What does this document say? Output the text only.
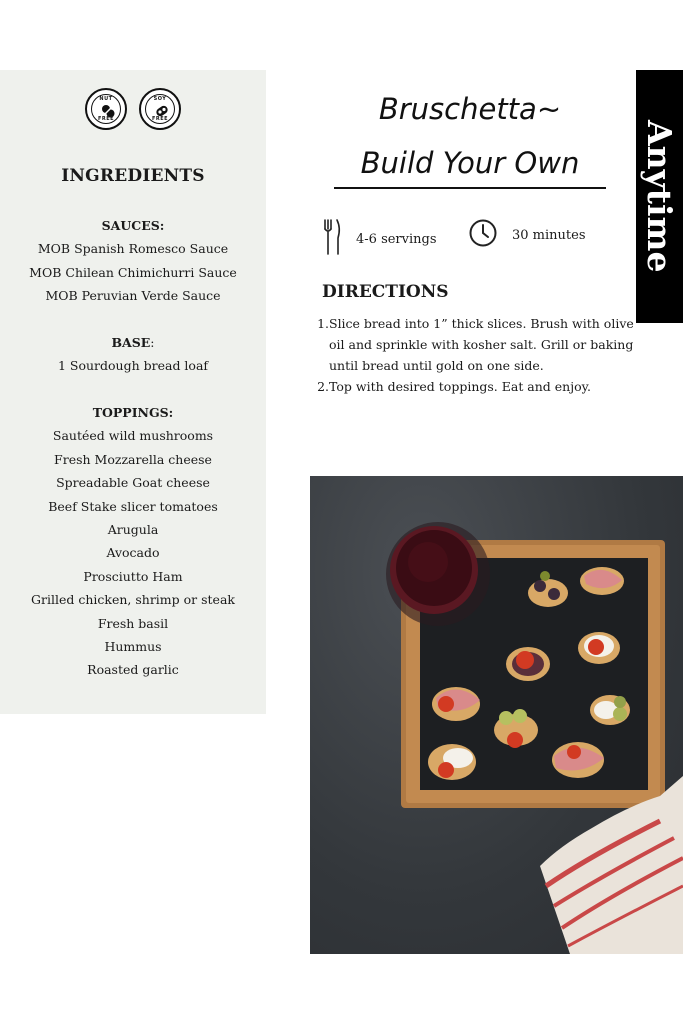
NUT
FREE
SOY
FREE
INGREDIENTS
SAUCES:
MOB Spanish Romesco Sauce
MOB Chilean Chimichurri Sauce
MOB Peruvian Verde Sauce
BASE:
1 Sourdough bread loaf
TOPPINGS:
Sautéed wild mushrooms
Fresh Mozzarella cheese
Spreadable Goat cheese
Beef Stake slicer tomatoes
Arugula
Avocado
Prosciutto Ham
Grilled chicken, shrimp or steak
Fresh basil
Hummus
Roasted garlic
Bruschetta~
Build Your Own	Anytime
4-6 servings	30 minutes
DIRECTIONS
1. Slice bread into 1” thick slices. Brush with olive oil and sprinkle with kosher salt. Grill or baking until bread until gold on one side.
2. Top with desired toppings. Eat and enjoy.
